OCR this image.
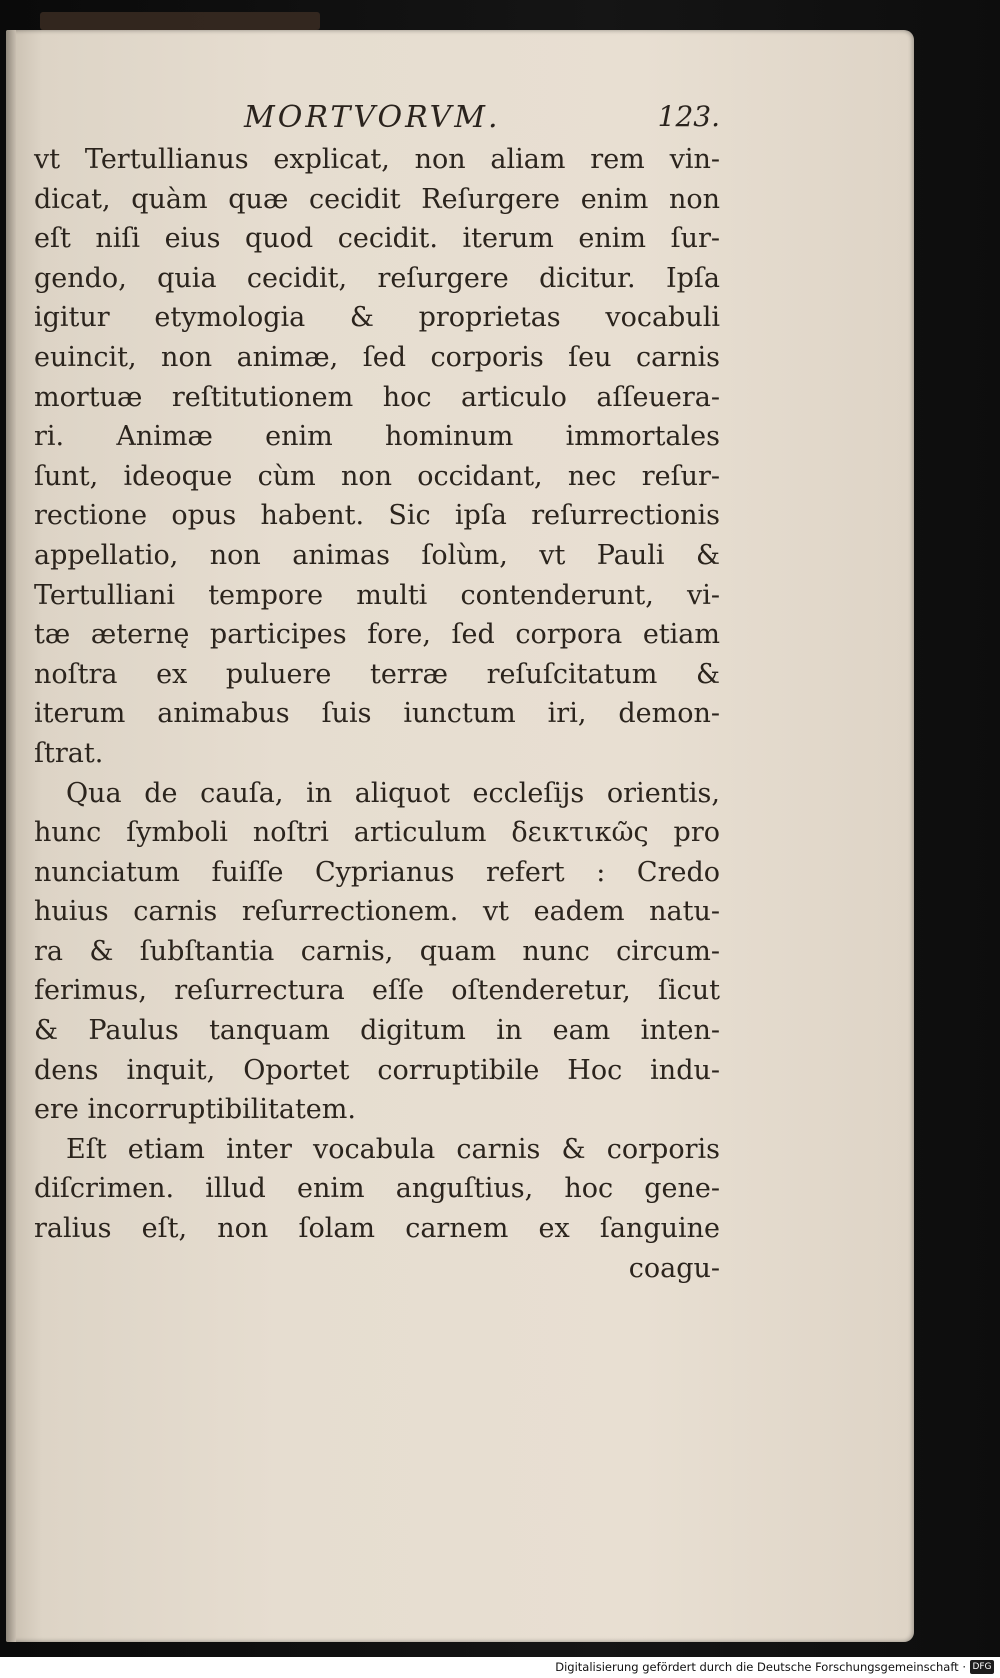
MORTVORVM.	123.
vt Tertullianus explicat, non aliam rem vin-
dicat, quàm quæ cecidit Reſurgere enim non
eſt niſi eius quod cecidit. iterum enim ſur-
gendo, quia cecidit, reſurgere dicitur. Ipſa
igitur etymologia & proprietas vocabuli
euincit, non animæ, ſed corporis ſeu carnis
mortuæ reſtitutionem hoc articulo aſſeuera-
ri. Animæ enim hominum immortales
ſunt, ideoque cùm non occidant, nec reſur-
rectione opus habent. Sic ipſa reſurrectionis
appellatio, non animas ſolùm, vt Pauli &
Tertulliani tempore multi contenderunt, vi-
tæ æternę participes fore, ſed corpora etiam
noſtra ex puluere terræ reſuſcitatum &
iterum animabus ſuis iunctum iri, demon-
ſtrat.
Qua de cauſa, in aliquot eccleſijs orientis,
hunc ſymboli noſtri articulum δεικτικῶς pro
nunciatum fuiſſe Cyprianus refert : Credo
huius carnis reſurrectionem. vt eadem natu-
ra & ſubſtantia carnis, quam nunc circum-
ferimus, reſurrectura eſſe oſtenderetur, ſicut
& Paulus tanquam digitum in eam inten-
dens inquit, Oportet corruptibile Hoc indu-
ere incorruptibilitatem.
Eſt etiam inter vocabula carnis & corporis
diſcrimen. illud enim anguſtius, hoc gene-
ralius eſt, non ſolam carnem ex ſanguine
coagu-
Digitalisierung gefördert durch die Deutsche Forschungsgemeinschaft · DFG
